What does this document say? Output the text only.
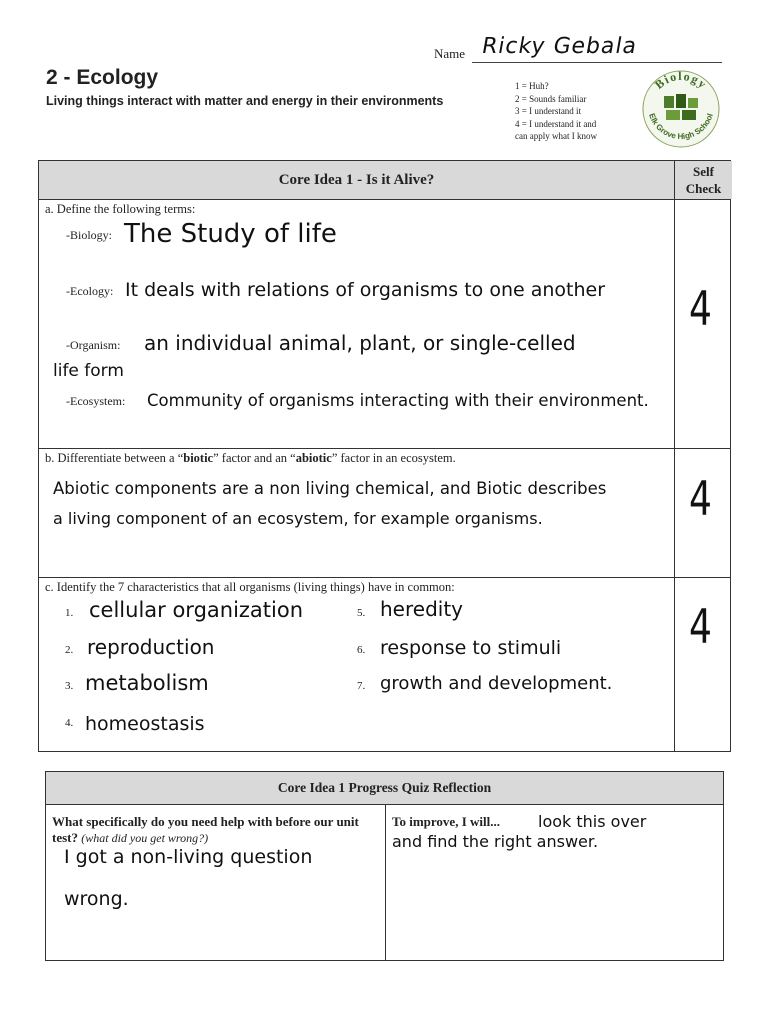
Name Ricky Gebala
2 - Ecology
Living things interact with matter and energy in their environments
1 = Huh?
2 = Sounds familiar
3 = I understand it
4 = I understand it and
can apply what I know
Biology
Elk Grove High School
Core Idea 1 - Is it Alive?	Self
Check
a. Define the following terms:
-Biology: The Study of life
-Ecology: It deals with relations of organisms to one another
-Organism: an individual animal, plant, or single-celled
life form
-Ecosystem: Community of organisms interacting with their environment.
4
b. Differentiate between a “biotic” factor and an “abiotic” factor in an ecosystem.
Abiotic components are a non living chemical, and Biotic describes
a living component of an ecosystem, for example organisms.	4
c. Identify the 7 characteristics that all organisms (living things) have in common:
1. cellular organization
2. reproduction
3. metabolism
4. homeostasis
5. heredity
6. response to stimuli
7. growth and development.
4
Core Idea 1 Progress Quiz Reflection
What specifically do you need help with before our unit test? (what did you get wrong?)
I got a non-living question
wrong.
To improve, I will... look this over
and find the right answer.
